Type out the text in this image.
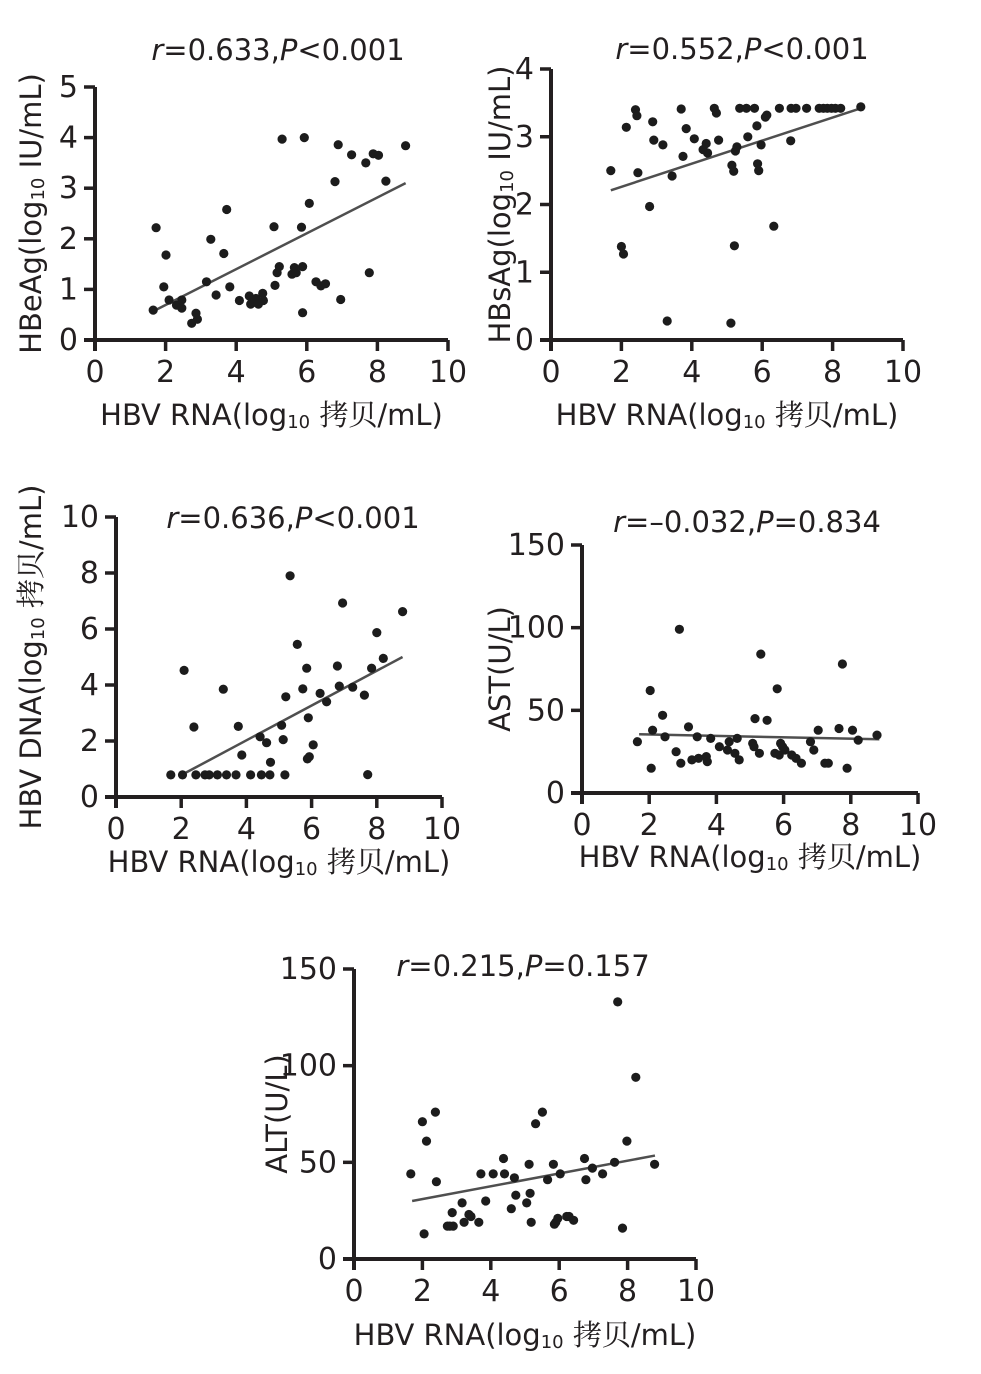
0 2 4 6 8 10
0
1
2
3
4
5
r=0.633,P<0.001
HBV $RNA(\log_{10}$ 拷贝/mL)
$HBeAg(\log_{10}$ IU/mL)
0 2 4 6 8 10
0
1
2
3
4
r=0.552,P<0.001
HBV $RNA(\log_{10}$ 拷贝/mL)
$HBsAg(\log_{10}$ IU/mL)
0 2 4 6 8 10
0
2
4
6
8
10 r=0.636,P<0.001
HBV $RNA(\log_{10}$ 拷贝/mL)
HBV $DNA(\log_{10}$ 拷贝/mL)
0 2 4 6 8 10
0
50
100
150
r=–0.032,P=0.834
HBV $RNA(\log_{10}$ 拷贝/mL)
AST(U/L)
0 2 4 6 8 10
0
50
100
150 r=0.215,P=0.157
HBV $RNA(\log_{10}$ 拷贝/mL)
ALT(U/L)
